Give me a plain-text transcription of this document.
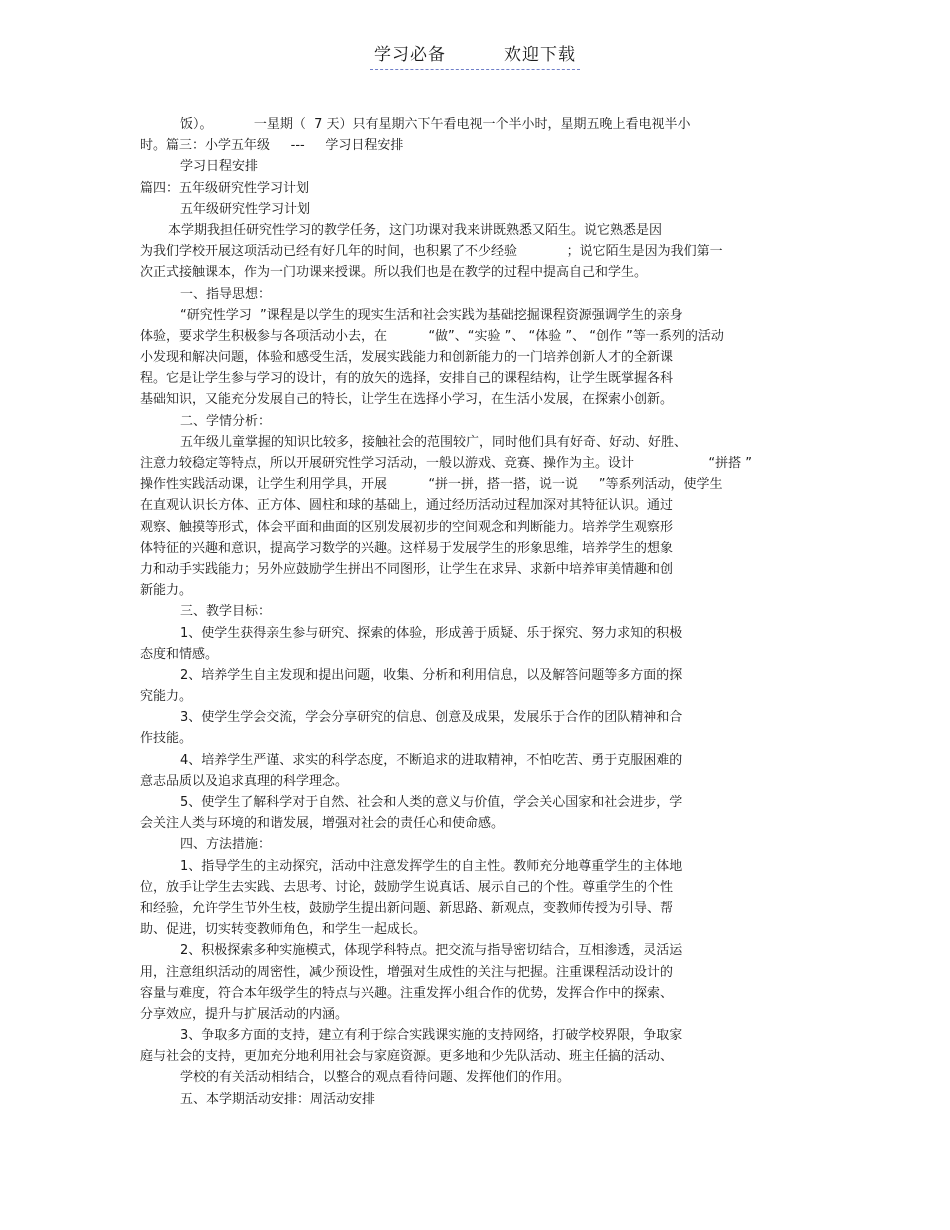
学习必备	欢迎下载
饭）。          一星期（  7 天）只有星期六下午看电视一个半小时，星期五晚上看电视半小
时。篇三：小学五年级     ---     学习日程安排
学习日程安排
篇四：五年级研究性学习计划
五年级研究性学习计划
本学期我担任研究性学习的教学任务，这门功课对我来讲既熟悉又陌生。说它熟悉是因
为我们学校开展这项活动已经有好几年的时间，也积累了不少经验            ；说它陌生是因为我们第一
次正式接触课本，作为一门功课来授课。所以我们也是在教学的过程中提高自己和学生。
一、指导思想：
“研究性学习  ”课程是以学生的现实生活和社会实践为基础挖掘课程资源强调学生的亲身
体验，要求学生积极参与各项活动小去，在          “做”、“实验 ”、 “体验 ”、 “创作 ”等一系列的活动
小发现和解决问题，体验和感受生活，发展实践能力和创新能力的一门培养创新人才的全新课
程。它是让学生参与学习的设计，有的放矢的选择，安排自己的课程结构，让学生既掌握各科
基础知识，又能充分发展自己的特长，让学生在选择小学习，在生活小发展，在探索小创新。
二、学情分析：
五年级儿童掌握的知识比较多，接触社会的范围较广，同时他们具有好奇、好动、好胜、
注意力较稳定等特点，所以开展研究性学习活动，一般以游戏、竞赛、操作为主。设计                  “拼搭 ”
操作性实践活动课，让学生利用学具，开展          “拼一拼，搭一搭，说一说     ”等系列活动，使学生
在直观认识长方体、正方体、圆柱和球的基础上，通过经历活动过程加深对其特征认识。通过
观察、触摸等形式，体会平面和曲面的区别发展初步的空间观念和判断能力。培养学生观察形
体特征的兴趣和意识，提高学习数学的兴趣。这样易于发展学生的形象思维，培养学生的想象
力和动手实践能力；另外应鼓励学生拼出不同图形，让学生在求异、求新中培养审美情趣和创
新能力。
三、教学目标：
1、使学生获得亲生参与研究、探索的体验，形成善于质疑、乐于探究、努力求知的积极
态度和情感。
2、培养学生自主发现和提出问题，收集、分析和利用信息，以及解答问题等多方面的探
究能力。
3、使学生学会交流，学会分享研究的信息、创意及成果，发展乐于合作的团队精神和合
作技能。
4、培养学生严谨、求实的科学态度，不断追求的进取精神，不怕吃苦、勇于克服困难的
意志品质以及追求真理的科学理念。
5、使学生了解科学对于自然、社会和人类的意义与价值，学会关心国家和社会进步，学
会关注人类与环境的和谐发展，增强对社会的责任心和使命感。
四、方法措施：
1、指导学生的主动探究，活动中注意发挥学生的自主性。教师充分地尊重学生的主体地
位，放手让学生去实践、去思考、讨论，鼓励学生说真话、展示自己的个性。尊重学生的个性
和经验，允许学生节外生枝，鼓励学生提出新问题、新思路、新观点，变教师传授为引导、帮
助、促进，切实转变教师角色，和学生一起成长。
2、积极探索多种实施模式，体现学科特点。把交流与指导密切结合，互相渗透，灵活运
用，注意组织活动的周密性，减少预设性，增强对生成性的关注与把握。注重课程活动设计的
容量与难度，符合本年级学生的特点与兴趣。注重发挥小组合作的优势，发挥合作中的探索、
分享效应，提升与扩展活动的内涵。
3、争取多方面的支持，建立有利于综合实践课实施的支持网络，打破学校界限，争取家
庭与社会的支持，更加充分地利用社会与家庭资源。更多地和少先队活动、班主任搞的活动、
学校的有关活动相结合，以整合的观点看待问题、发挥他们的作用。
五、本学期活动安排：周活动安排
